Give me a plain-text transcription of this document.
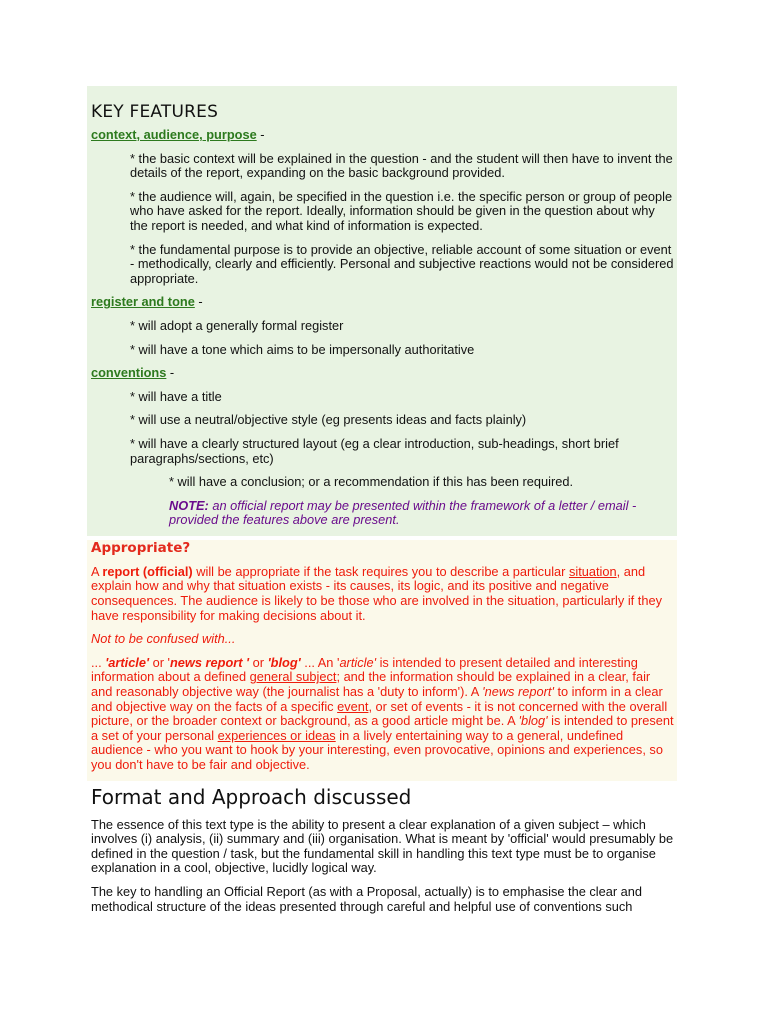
KEY FEATURES
context, audience, purpose -
* the basic context will be explained in the question - and the student will then have to invent the details of the report, expanding on the basic background provided.
* the audience will, again, be specified in the question i.e. the specific person or group of people who have asked for the report. Ideally, information should be given in the question about why the report is needed, and what kind of information is expected.
* the fundamental purpose is to provide an objective, reliable account of some situation or event - methodically, clearly and efficiently. Personal and subjective reactions would not be considered appropriate.
register and tone -
* will adopt a generally formal register
* will have a tone which aims to be impersonally authoritative
conventions -
* will have a title
* will use a neutral/objective style (eg presents ideas and facts plainly)
* will have a clearly structured layout (eg a clear introduction, sub-headings, short brief paragraphs/sections, etc)
* will have a conclusion; or a recommendation if this has been required.
NOTE: an official report may be presented within the framework of a letter / email - provided the features above are present.
Appropriate?
A report (official) will be appropriate if the task requires you to describe a particular situation, and explain how and why that situation exists - its causes, its logic, and its positive and negative consequences. The audience is likely to be those who are involved in the situation, particularly if they have responsibility for making decisions about it.
Not to be confused with...
... 'article' or 'news report ' or 'blog' ... An 'article' is intended to present detailed and interesting information about a defined general subject; and the information should be explained in a clear, fair and reasonably objective way (the journalist has a 'duty to inform'). A 'news report' to inform in a clear and objective way on the facts of a specific event, or set of events - it is not concerned with the overall picture, or the broader context or background, as a good article might be. A 'blog' is intended to present a set of your personal experiences or ideas in a lively entertaining way to a general, undefined audience - who you want to hook by your interesting, even provocative, opinions and experiences, so you don't have to be fair and objective.
Format and Approach discussed
The essence of this text type is the ability to present a clear explanation of a given subject – which involves (i) analysis, (ii) summary and (iii) organisation. What is meant by 'official' would presumably be defined in the question / task, but the fundamental skill in handling this text type must be to organise explanation in a cool, objective, lucidly logical way.
The key to handling an Official Report (as with a Proposal, actually) is to emphasise the clear and methodical structure of the ideas presented through careful and helpful use of conventions such
